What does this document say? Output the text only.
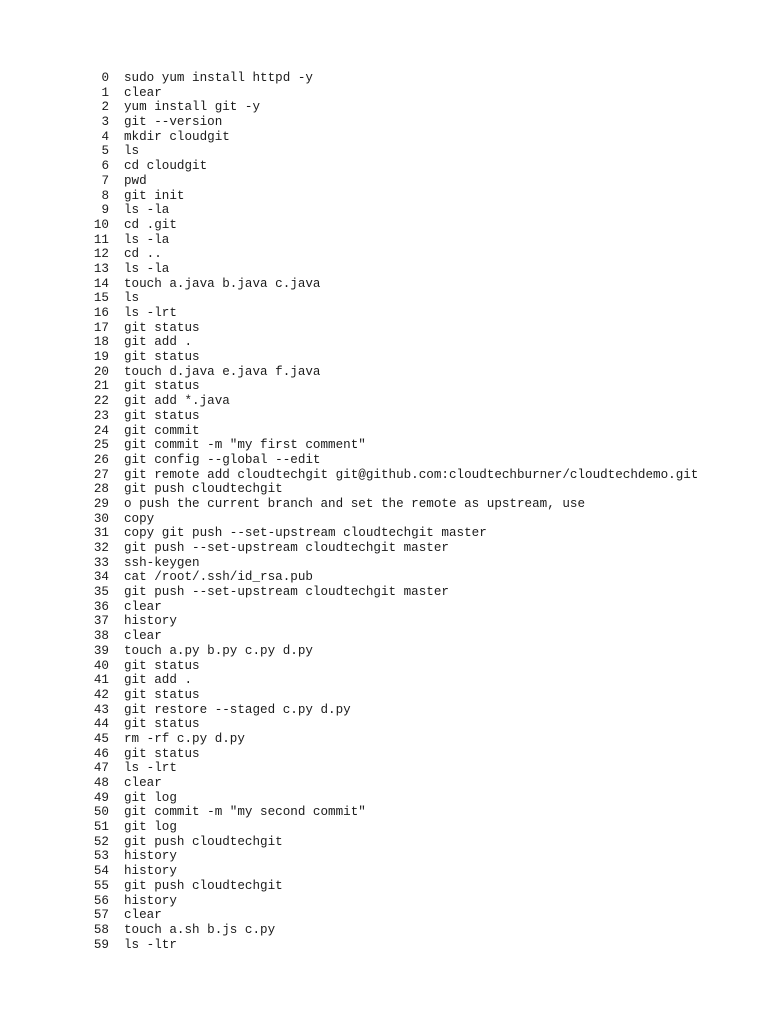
0	sudo yum install httpd -y
1	clear
2	yum install git -y
3	git --version
4	mkdir cloudgit
5	ls
6	cd cloudgit
7	pwd
8	git init
9	ls -la
10	cd .git
11	ls -la
12	cd ..
13	ls -la
14	touch a.java b.java c.java
15	ls
16	ls -lrt
17	git status
18	git add .
19	git status
20	touch d.java e.java f.java
21	git status
22	git add *.java
23	git status
24	git commit
25	git commit -m "my first comment"
26	git config --global --edit
27	git remote add cloudtechgit git@github.com:cloudtechburner/cloudtechdemo.git
28	git push cloudtechgit
29	o push the current branch and set the remote as upstream, use
30	copy
31	copy git push --set-upstream cloudtechgit master
32	git push --set-upstream cloudtechgit master
33	ssh-keygen
34	cat /root/.ssh/id_rsa.pub
35	git push --set-upstream cloudtechgit master
36	clear
37	history
38	clear
39	touch a.py b.py c.py d.py
40	git status
41	git add .
42	git status
43	git restore --staged c.py d.py
44	git status
45	rm -rf c.py d.py
46	git status
47	ls -lrt
48	clear
49	git log
50	git commit -m "my second commit"
51	git log
52	git push cloudtechgit
53	history
54	history
55	git push cloudtechgit
56	history
57	clear
58	touch a.sh b.js c.py
59	ls -ltr
